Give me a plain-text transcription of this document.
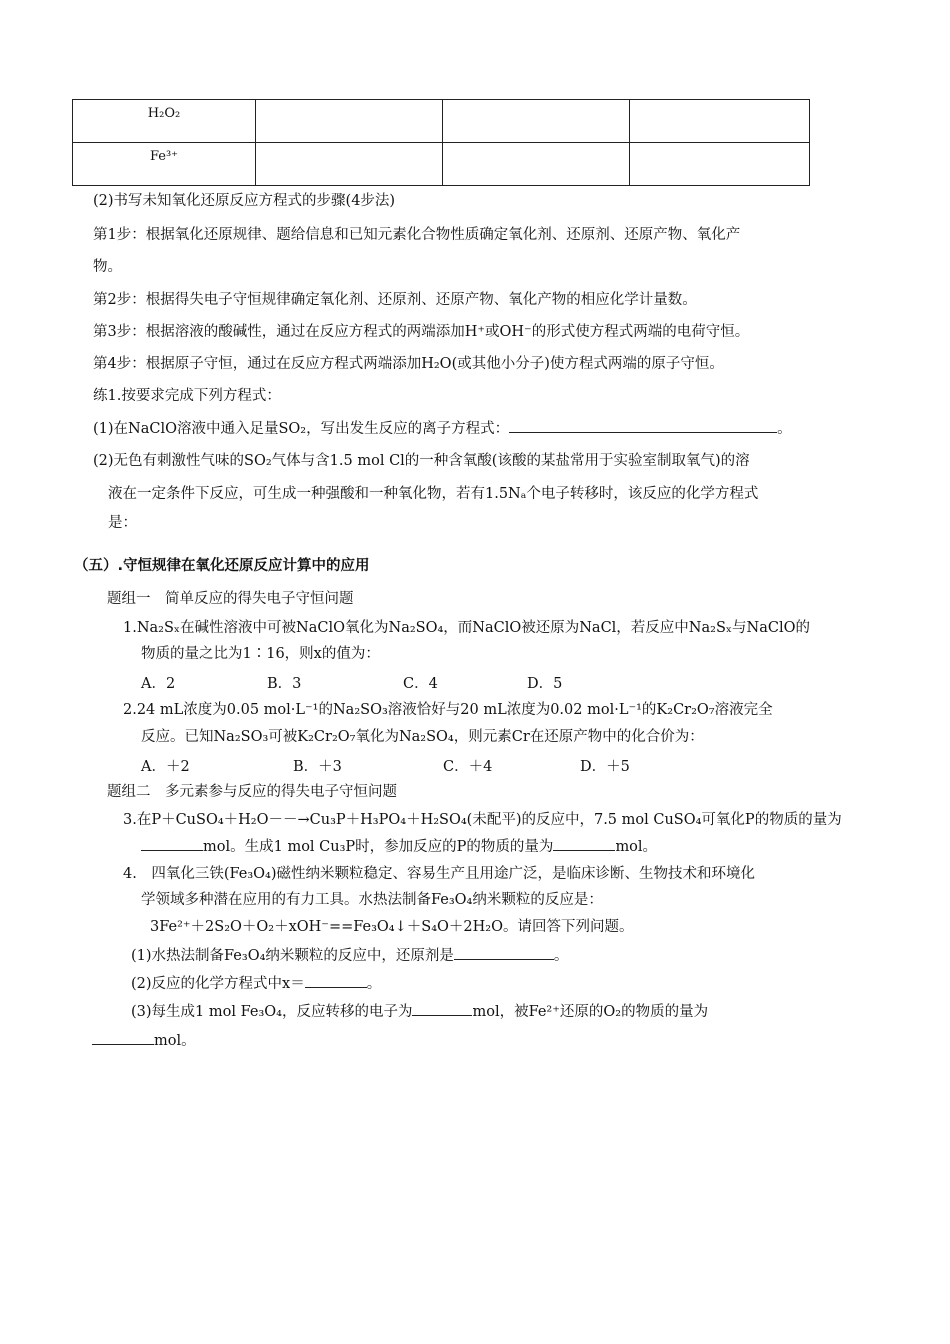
H₂O₂			
Fe³⁺			
(2)书写未知氧化还原反应方程式的步骤(4步法)
第1步：根据氧化还原规律、题给信息和已知元素化合物性质确定氧化剂、还原剂、还原产物、氧化产
物。
第2步：根据得失电子守恒规律确定氧化剂、还原剂、还原产物、氧化产物的相应化学计量数。
第3步：根据溶液的酸碱性，通过在反应方程式的两端添加H⁺或OH⁻的形式使方程式两端的电荷守恒。
第4步：根据原子守恒，通过在反应方程式两端添加H₂O(或其他小分子)使方程式两端的原子守恒。
练1.按要求完成下列方程式：
(1)在NaClO溶液中通入足量SO₂，写出发生反应的离子方程式：	。
(2)无色有刺激性气味的SO₂气体与含1.5 mol Cl的一种含氧酸(该酸的某盐常用于实验室制取氧气)的溶
液在一定条件下反应，可生成一种强酸和一种氧化物，若有1.5Nₐ个电子转移时，该反应的化学方程式
是：
（五）.守恒规律在氧化还原反应计算中的应用
题组一　简单反应的得失电子守恒问题
1.Na₂Sₓ在碱性溶液中可被NaClO氧化为Na₂SO₄，而NaClO被还原为NaCl，若反应中Na₂Sₓ与NaClO的
物质的量之比为1∶16，则x的值为：
A．2	B．3	C．4	D．5
2.24 mL浓度为0.05 mol·L⁻¹的Na₂SO₃溶液恰好与20 mL浓度为0.02 mol·L⁻¹的K₂Cr₂O₇溶液完全
反应。已知Na₂SO₃可被K₂Cr₂O₇氧化为Na₂SO₄，则元素Cr在还原产物中的化合价为：
A．＋2	B．＋3	C．＋4	D．＋5
题组二　多元素参与反应的得失电子守恒问题
3.在P＋CuSO₄＋H₂O－－→Cu₃P＋H₃PO₄＋H₂SO₄(未配平)的反应中，7.5 mol CuSO₄可氧化P的物质的量为
mol。生成1 mol Cu₃P时，参加反应的P的物质的量为	mol。
4.　四氧化三铁(Fe₃O₄)磁性纳米颗粒稳定、容易生产且用途广泛，是临床诊断、生物技术和环境化
学领域多种潜在应用的有力工具。水热法制备Fe₃O₄纳米颗粒的反应是：
3Fe²⁺＋2S₂O＋O₂＋xOH⁻==Fe₃O₄↓＋S₄O＋2H₂O。请回答下列问题。
(1)水热法制备Fe₃O₄纳米颗粒的反应中，还原剂是	。
(2)反应的化学方程式中x＝	。
(3)每生成1 mol Fe₃O₄，反应转移的电子为	mol，被Fe²⁺还原的O₂的物质的量为
mol。
